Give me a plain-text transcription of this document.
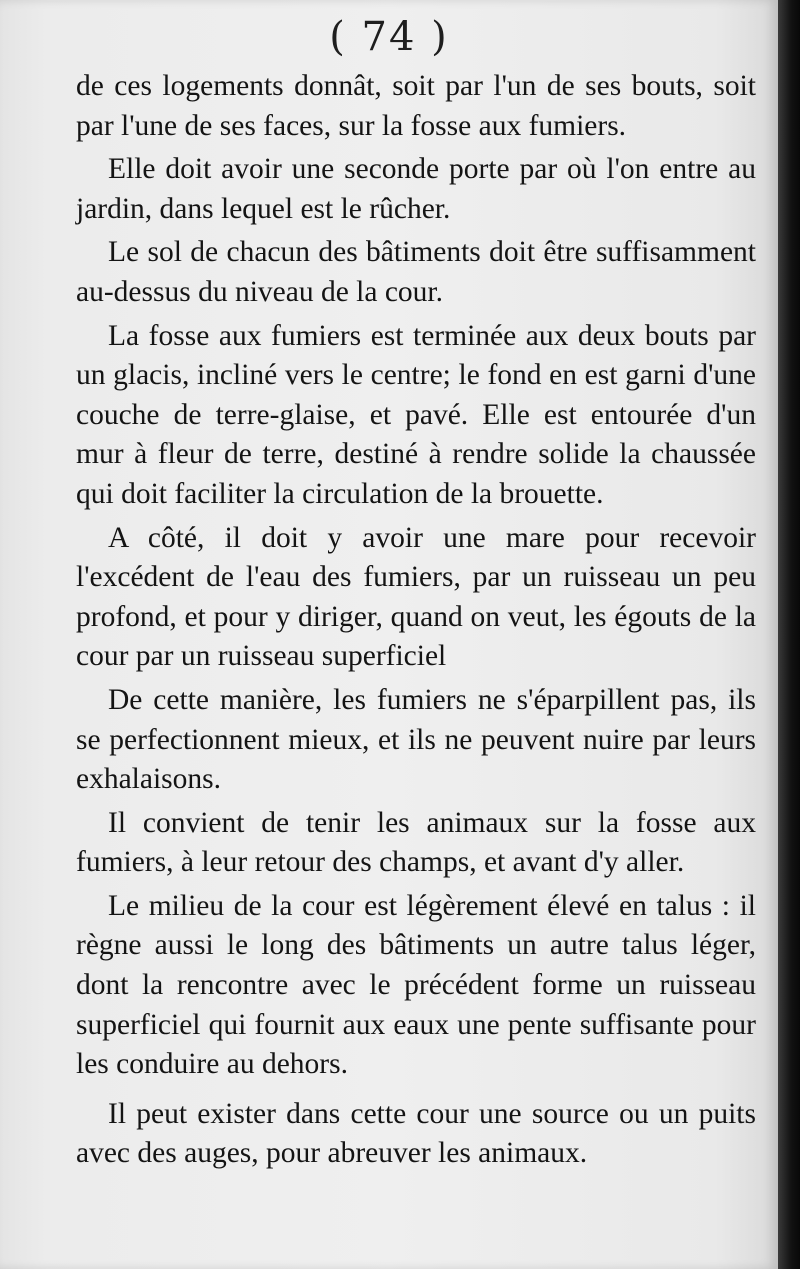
( 74 )

de ces logements donnât, soit par l'un de ses bouts, soit par l'une de ses faces, sur la fosse aux fumiers.

Elle doit avoir une seconde porte par où l'on entre au jardin, dans lequel est le rûcher.

Le sol de chacun des bâtiments doit être suffisamment au-dessus du niveau de la cour.

La fosse aux fumiers est terminée aux deux bouts par un glacis, incliné vers le centre; le fond en est garni d'une couche de terre-glaise, et pavé. Elle est entourée d'un mur à fleur de terre, destiné à rendre solide la chaussée qui doit faciliter la circulation de la brouette.

A côté, il doit y avoir une mare pour recevoir l'excédent de l'eau des fumiers, par un ruisseau un peu profond, et pour y diriger, quand on veut, les égouts de la cour par un ruisseau superficiel

De cette manière, les fumiers ne s'éparpillent pas, ils se perfectionnent mieux, et ils ne peuvent nuire par leurs exhalaisons.

Il convient de tenir les animaux sur la fosse aux fumiers, à leur retour des champs, et avant d'y aller.

Le milieu de la cour est légèrement élevé en talus : il règne aussi le long des bâtiments un autre talus léger, dont la rencontre avec le précédent forme un ruisseau superficiel qui fournit aux eaux une pente suffisante pour les conduire au dehors.

Il peut exister dans cette cour une source ou un puits avec des auges, pour abreuver les animaux.
